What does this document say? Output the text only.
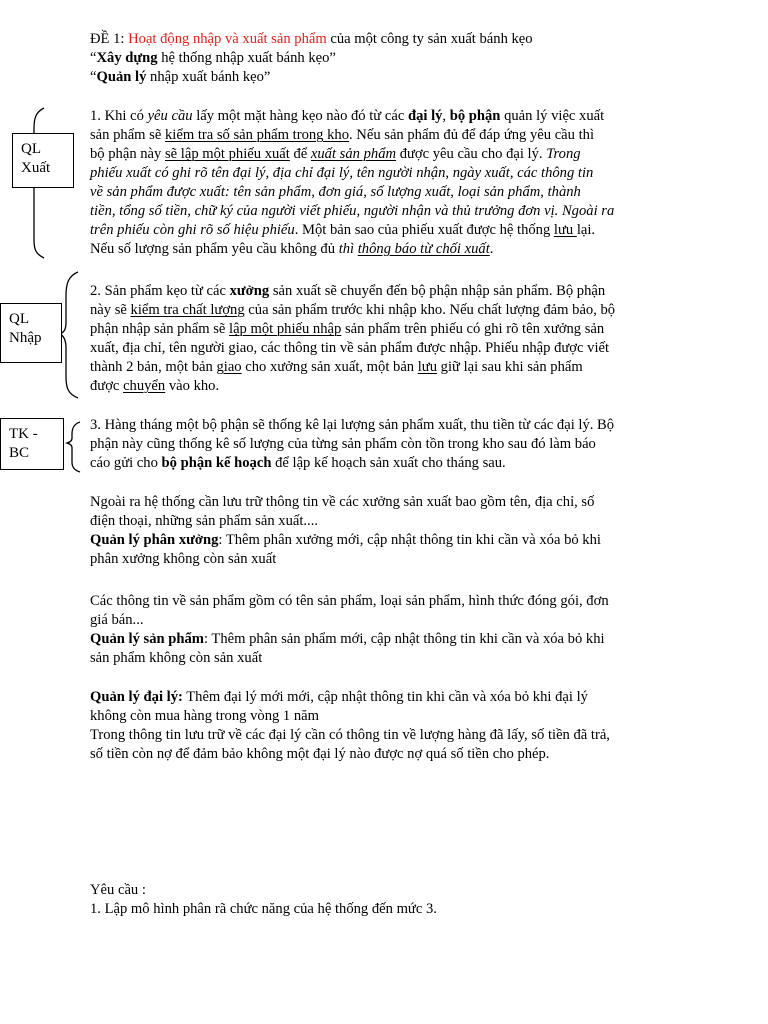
QL
Xuất
QL
Nhập
TK -
BC
ĐỀ 1: Hoạt động nhập và xuất sản phẩm của một công ty sản xuất bánh kẹo
“Xây dựng hệ thống nhập xuất bánh kẹo”
“Quản lý nhập xuất bánh kẹo”
1. Khi có yêu cầu lấy một mặt hàng kẹo nào đó từ các đại lý, bộ phận quản lý việc xuất
sản phẩm sẽ kiểm tra số sản phẩm trong kho. Nếu sản phẩm đủ để đáp ứng yêu cầu thì
bộ phận này sẽ lập một phiếu xuất để xuất sản phẩm được yêu cầu cho đại lý. Trong
phiếu xuất có ghi rõ tên đại lý, địa chỉ đại lý, tên người nhận, ngày xuất, các thông tin
về sản phẩm được xuất: tên sản phẩm, đơn giá, số lượng xuất, loại sản phẩm, thành
tiền, tổng số tiền, chữ ký của người viết phiếu, người nhận và thủ trưởng đơn vị. Ngoài ra
trên phiếu còn ghi rõ số hiệu phiếu. Một bản sao của phiếu xuất được hệ thống lưu lại.
Nếu số lượng sản phẩm yêu cầu không đủ thì thông báo từ chối xuất.
2. Sản phẩm kẹo từ các xưởng sản xuất sẽ chuyển đến bộ phận nhập sản phẩm. Bộ phận
này sẽ kiểm tra chất lượng của sản phẩm trước khi nhập kho. Nếu chất lượng đảm bảo, bộ
phận nhập sản phẩm sẽ lập một phiếu nhập sản phẩm trên phiếu có ghi rõ tên xưởng sản
xuất, địa chỉ, tên người giao, các thông tin về sản phẩm được nhập. Phiếu nhập được viết
thành 2 bản, một bản giao cho xưởng sản xuất, một bản lưu giữ lại sau khi sản phẩm
được chuyển vào kho.
3. Hàng tháng một bộ phận sẽ thống kê lại lượng sản phẩm xuất, thu tiền từ các đại lý. Bộ
phận này cũng thống kê số lượng của từng sản phẩm còn tồn trong kho sau đó làm báo
cáo gửi cho bộ phận kế hoạch để lập kế hoạch sản xuất cho tháng sau.
Ngoài ra hệ thống cần lưu trữ thông tin về các xưởng sản xuất bao gồm tên, địa chỉ, số
điện thoại, những sản phẩm sản xuất....
Quản lý phân xưởng: Thêm phân xưởng mới, cập nhật thông tin khi cần và xóa bỏ khi
phân xưởng không còn sản xuất
Các thông tin về sản phẩm gồm có tên sản phẩm, loại sản phẩm, hình thức đóng gói, đơn
giá bán...
Quản lý sản phẩm: Thêm phân sản phẩm mới, cập nhật thông tin khi cần và xóa bỏ khi
sản phẩm không còn sản xuất
Quản lý đại lý: Thêm đại lý mới mới, cập nhật thông tin khi cần và xóa bỏ khi đại lý
không còn mua hàng trong vòng 1 năm
Trong thông tin lưu trữ về các đại lý cần có thông tin về lượng hàng đã lấy, số tiền đã trả,
số tiền còn nợ để đảm bảo không một đại lý nào được nợ quá số tiền cho phép.
Yêu cầu :
1. Lập mô hình phân rã chức năng của hệ thống đến mức 3.
